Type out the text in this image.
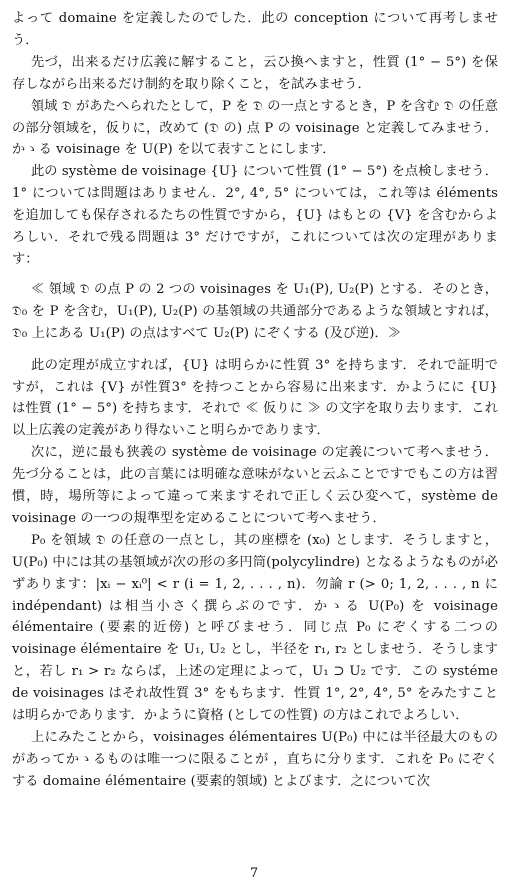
よって domaine を定義したのでした．此の conception について再考しませう．

先づ，出来るだけ広義に解すること，云ひ換へますと，性質 (1° − 5°) を保存しながら出来るだけ制約を取り除くこと，を試みませう．

領域 𝔇 があたへられたとして，P を 𝔇 の一点とするとき，P を含む 𝔇 の任意の部分領域を，仮りに，改めて (𝔇 の) 点 P の voisinage と定義してみませう．かゝる voisinage を U(P) を以て表すことにします．

此の système de voisinage {U} について性質 (1° − 5°) を点検しませう．1° については問題はありません．2°, 4°, 5° については，これ等は éléments を追加しても保存されるたちの性質ですから，{U} はもとの {V} を含むからよろしい．それで残る問題は 3° だけですが，これについては次の定理があります：

≪ 領域 𝔇 の点 P の 2 つの voisinages を U₁(P), U₂(P) とする．そのとき，𝔇₀ を P を含む，U₁(P), U₂(P) の基領域の共通部分であるような領域とすれば，𝔇₀ 上にある U₁(P) の点はすべて U₂(P) にぞくする (及び逆)．≫

此の定理が成立すれば，{U} は明らかに性質 3° を持ちます．それで証明ですが，これは {V} が性質3° を持つことから容易に出来ます．かようにに {U} は性質 (1° − 5°) を持ちます．それで ≪ 仮りに ≫ の文字を取り去ります．これ以上広義の定義があり得ないこと明らかであります．

次に，逆に最も狭義の système de voisinage の定義について考へませう．先づ分ることは，此の言葉には明確な意味がないと云ふことですでもこの方は習慣，時，場所等によって違って来ますそれで正しく云ひ変へて，système de voisinage の一つの規準型を定めることについて考へませう．

P₀ を領域 𝔇 の任意の一点とし，其の座標を (x₀) とします．そうしますと，U(P₀) 中には其の基領域が次の形の多円筒(polycylindre) となるようなものが必ずあります：|xᵢ − xᵢ⁰| < r (i = 1, 2, . . . , n)．勿論 r (> 0; 1, 2, . . . , n に indépendant) は相当小さく撰らぶのです．かゝる U(P₀) を voisinage élémentaire (要素的近傍) と呼びませう．同じ点 P₀ にぞくする二つの voisinage élémentaire を U₁, U₂ とし，半径を r₁, r₂ としませう．そうしますと，若し r₁ > r₂ ならば，上述の定理によって，U₁ ⊃ U₂ です．この systéme de voisinages はそれ故性質 3° をもちます．性質 1°, 2°, 4°, 5° をみたすことは明らかであります．かように資格 (としての性質) の方はこれでよろしい．

上にみたことから，voisinages élémentaires U(P₀) 中には半径最大のものがあってかゝるものは唯一つに限ることが ，直ちに分ります．これを P₀ にぞくする domaine élémentaire (要素的領域) とよびます．之について次

7
